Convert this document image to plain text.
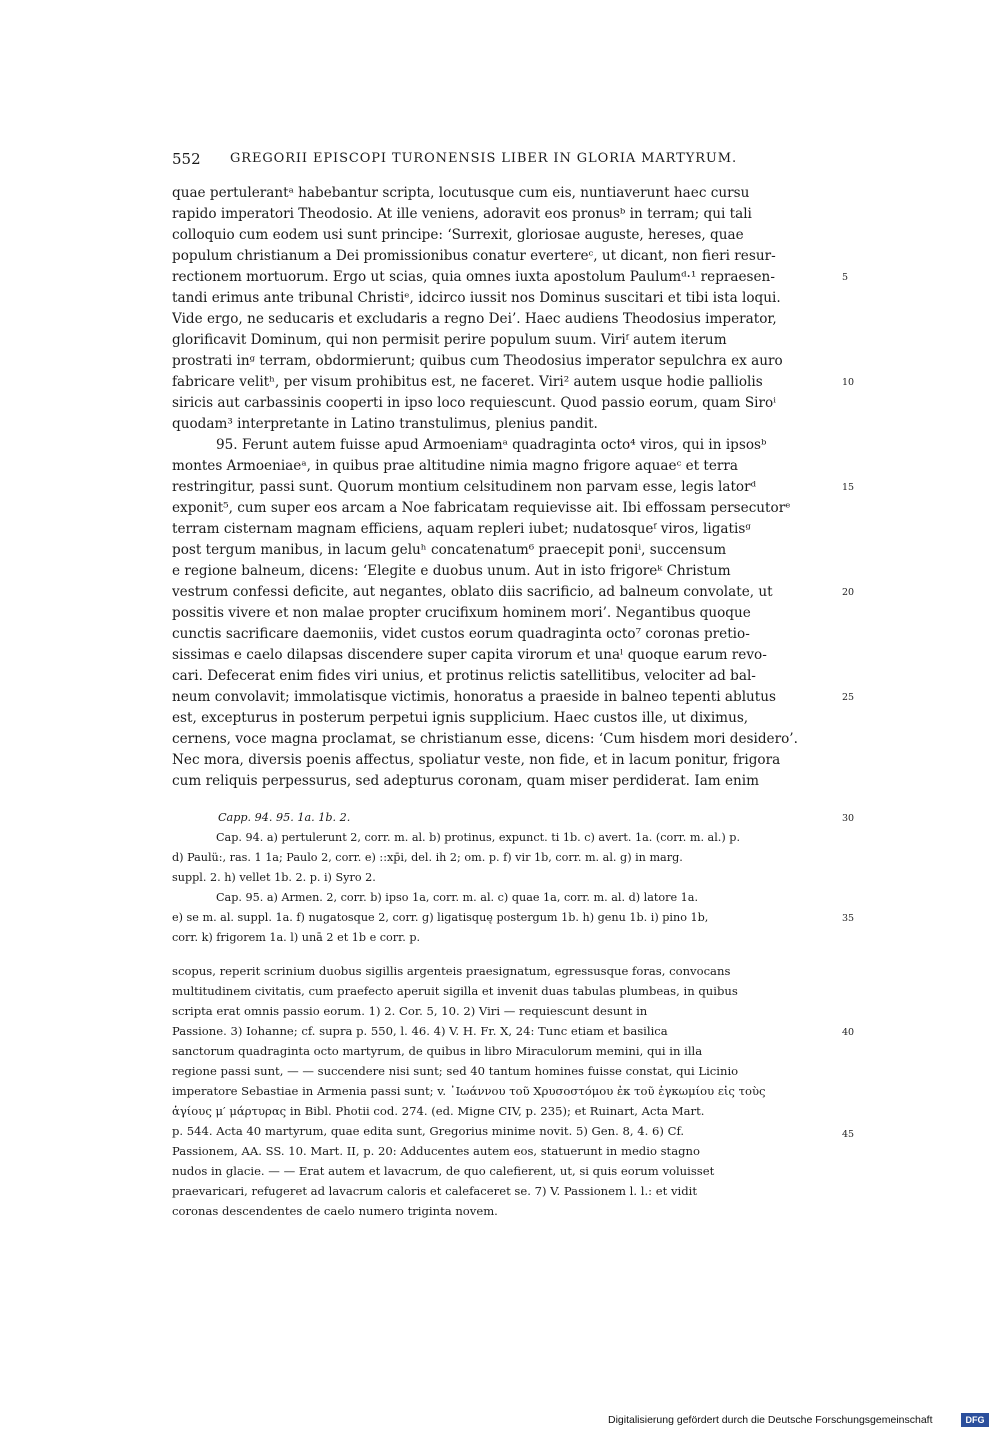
552 GREGORII EPISCOPI TURONENSIS LIBER IN GLORIA MARTYRUM.
quae pertulerantᵃ habebantur scripta, locutusque cum eis, nuntiaverunt haec cursu
rapido imperatori Theodosio. At ille veniens, adoravit eos pronusᵇ in terram; qui tali
colloquio cum eodem usi sunt principe: ‘Surrexit, gloriosae auguste, hereses, quae
populum christianum a Dei promissionibus conatur evertereᶜ, ut dicant, non fieri resur-
rectionem mortuorum. Ergo ut scias, quia omnes iuxta apostolum Paulumᵈ·¹ repraesen-
tandi erimus ante tribunal Christiᵉ, idcirco iussit nos Dominus suscitari et tibi ista loqui.
Vide ergo, ne seducaris et excludaris a regno Dei’. Haec audiens Theodosius imperator,
glorificavit Dominum, qui non permisit perire populum suum. Viriᶠ autem iterum
prostrati inᵍ terram, obdormierunt; quibus cum Theodosius imperator sepulchra ex auro
fabricare velitʰ, per visum prohibitus est, ne faceret. Viri² autem usque hodie palliolis
siricis aut carbassinis cooperti in ipso loco requiescunt. Quod passio eorum, quam Siroⁱ
quodam³ interpretante in Latino transtulimus, plenius pandit.
95. Ferunt autem fuisse apud Armoeniamᵃ quadraginta octo⁴ viros, qui in ipsosᵇ
montes Armoeniaeᵃ, in quibus prae altitudine nimia magno frigore aquaeᶜ et terra
restringitur, passi sunt. Quorum montium celsitudinem non parvam esse, legis latorᵈ
exponit⁵, cum super eos arcam a Noe fabricatam requievisse ait. Ibi effossam persecutorᵉ
terram cisternam magnam efficiens, aquam repleri iubet; nudatosqueᶠ viros, ligatisᵍ
post tergum manibus, in lacum geluʰ concatenatum⁶ praecepit poniⁱ, succensum
e regione balneum, dicens: ‘Elegite e duobus unum. Aut in isto frigoreᵏ Christum
vestrum confessi deficite, aut negantes, oblato diis sacrificio, ad balneum convolate, ut
possitis vivere et non malae propter crucifixum hominem mori’. Negantibus quoque
cunctis sacrificare daemoniis, videt custos eorum quadraginta octo⁷ coronas pretio-
sissimas e caelo dilapsas discendere super capita virorum et unaˡ quoque earum revo-
cari. Defecerat enim fides viri unius, et protinus relictis satellitibus, velociter ad bal-
neum convolavit; immolatisque victimis, honoratus a praeside in balneo tepenti ablutus
est, excepturus in posterum perpetui ignis supplicium. Haec custos ille, ut diximus,
cernens, voce magna proclamat, se christianum esse, dicens: ‘Cum hisdem mori desidero’.
Nec mora, diversis poenis affectus, spoliatur veste, non fide, et in lacum ponitur, frigora
cum reliquis perpessurus, sed adepturus coronam, quam miser perdiderat. Iam enim
Capp. 94. 95. 1a. 1b. 2.
Cap. 94. a) pertulerunt 2, corr. m. al. b) protinus, expunct. ti 1b. c) avert. 1a. (corr. m. al.) p.
d) Paulü:, ras. 1 1a; Paulo 2, corr. e) ::xp̄i, del. ih 2; om. p. f) vir 1b, corr. m. al. g) in marg.
suppl. 2. h) vellet 1b. 2. p. i) Syro 2.
Cap. 95. a) Armen. 2, corr. b) ipso 1a, corr. m. al. c) quae 1a, corr. m. al. d) latore 1a.
e) se m. al. suppl. 1a. f) nugatosque 2, corr. g) ligatisquę postergum 1b. h) genu 1b. i) pino 1b,
corr. k) frigorem 1a. l) unā 2 et 1b e corr. p.
scopus, reperit scrinium duobus sigillis argenteis praesignatum, egressusque foras, convocans
multitudinem civitatis, cum praefecto aperuit sigilla et invenit duas tabulas plumbeas, in quibus
scripta erat omnis passio eorum. 1) 2. Cor. 5, 10. 2) Viri — requiescunt desunt in
Passione. 3) Iohanne; cf. supra p. 550, l. 46. 4) V. H. Fr. X, 24: Tunc etiam et basilica
sanctorum quadraginta octo martyrum, de quibus in libro Miraculorum memini, qui in illa
regione passi sunt, — — succendere nisi sunt; sed 40 tantum homines fuisse constat, qui Licinio
imperatore Sebastiae in Armenia passi sunt; v. ᾿Ιωάννου τοῦ Χρυσοστόμου ἐκ τοῦ ἐγκωμίου εἰς τοὺς
ἁγίους μ′ μάρτυρας in Bibl. Photii cod. 274. (ed. Migne CIV, p. 235); et Ruinart, Acta Mart.
p. 544. Acta 40 martyrum, quae edita sunt, Gregorius minime novit. 5) Gen. 8, 4. 6) Cf.
Passionem, AA. SS. 10. Mart. II, p. 20: Adducentes autem eos, statuerunt in medio stagno
nudos in glacie. — — Erat autem et lavacrum, de quo calefierent, ut, si quis eorum voluisset
praevaricari, refugeret ad lavacrum caloris et calefaceret se. 7) V. Passionem l. l.: et vidit
coronas descendentes de caelo numero triginta novem.
5
10
15
20
25
30
35
40
45
Digitalisierung gefördert durch die Deutsche Forschungsgemeinschaft	DFG
